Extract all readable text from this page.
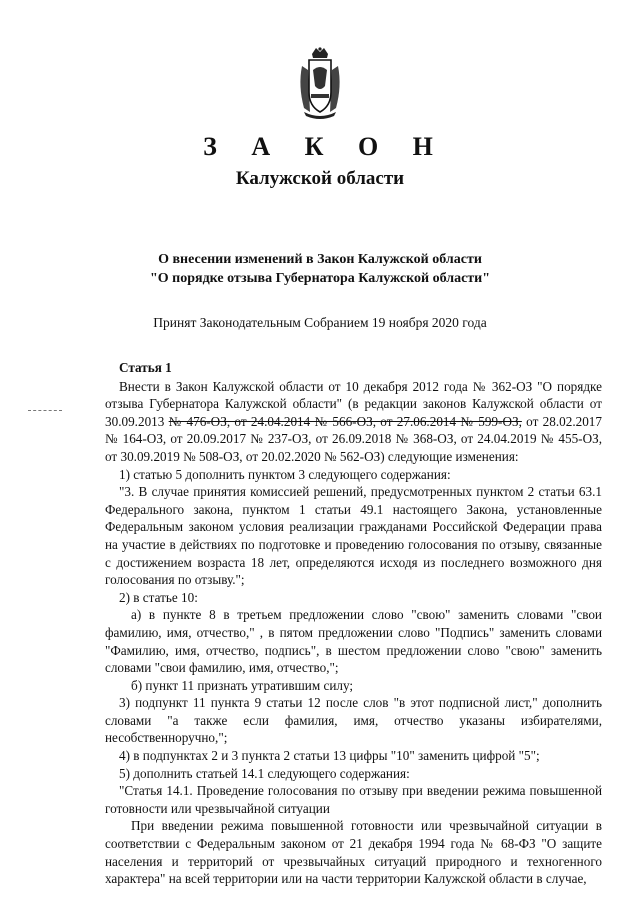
З А К О Н
Калужской области
О внесении изменений в Закон Калужской области
"О порядке отзыва Губернатора Калужской области"
Принят Законодательным Собранием 19 ноября 2020 года

Статья 1

Внести в Закон Калужской области от 10 декабря 2012 года № 362-ОЗ "О порядке отзыва Губернатора Калужской области" (в редакции законов Калужской области от 30.09.2013 № 476-ОЗ, от 24.04.2014 № 566-ОЗ, от 27.06.2014 № 599-ОЗ, от 28.02.2017 № 164-ОЗ, от 20.09.2017 № 237-ОЗ, от 26.09.2018 № 368-ОЗ, от 24.04.2019 № 455-ОЗ, от 30.09.2019 № 508-ОЗ, от 20.02.2020 № 562-ОЗ) следующие изменения:

1) статью 5 дополнить пунктом 3 следующего содержания:

"3. В случае принятия комиссией решений, предусмотренных пунктом 2 статьи 63.1 Федерального закона, пунктом 1 статьи 49.1 настоящего Закона, установленные Федеральным законом условия реализации гражданами Российской Федерации права на участие в действиях по подготовке и проведению голосования по отзыву, связанные с достижением возраста 18 лет, определяются исходя из последнего возможного дня голосования по отзыву.";

2) в статье 10:

а) в пункте 8 в третьем предложении слово "свою" заменить словами "свои фамилию, имя, отчество," , в пятом предложении слово "Подпись" заменить словами "Фамилию, имя, отчество, подпись", в шестом предложении слово "свою" заменить словами "свои фамилию, имя, отчество,";

б) пункт 11 признать утратившим силу;

3) подпункт 11 пункта 9 статьи 12 после слов "в этот подписной лист," дополнить словами "а также если фамилия, имя, отчество указаны избирателями, несобственноручно,";

4) в подпунктах 2 и 3 пункта 2 статьи 13 цифры "10" заменить цифрой "5";

5) дополнить статьей 14.1 следующего содержания:

"Статья 14.1. Проведение голосования по отзыву при введении режима повышенной готовности или чрезвычайной ситуации

При введении режима повышенной готовности или чрезвычайной ситуации в соответствии с Федеральным законом от 21 декабря 1994 года № 68-ФЗ "О защите населения и территорий от чрезвычайных ситуаций природного и техногенного характера" на всей территории или на части территории Калужской области в случае,
